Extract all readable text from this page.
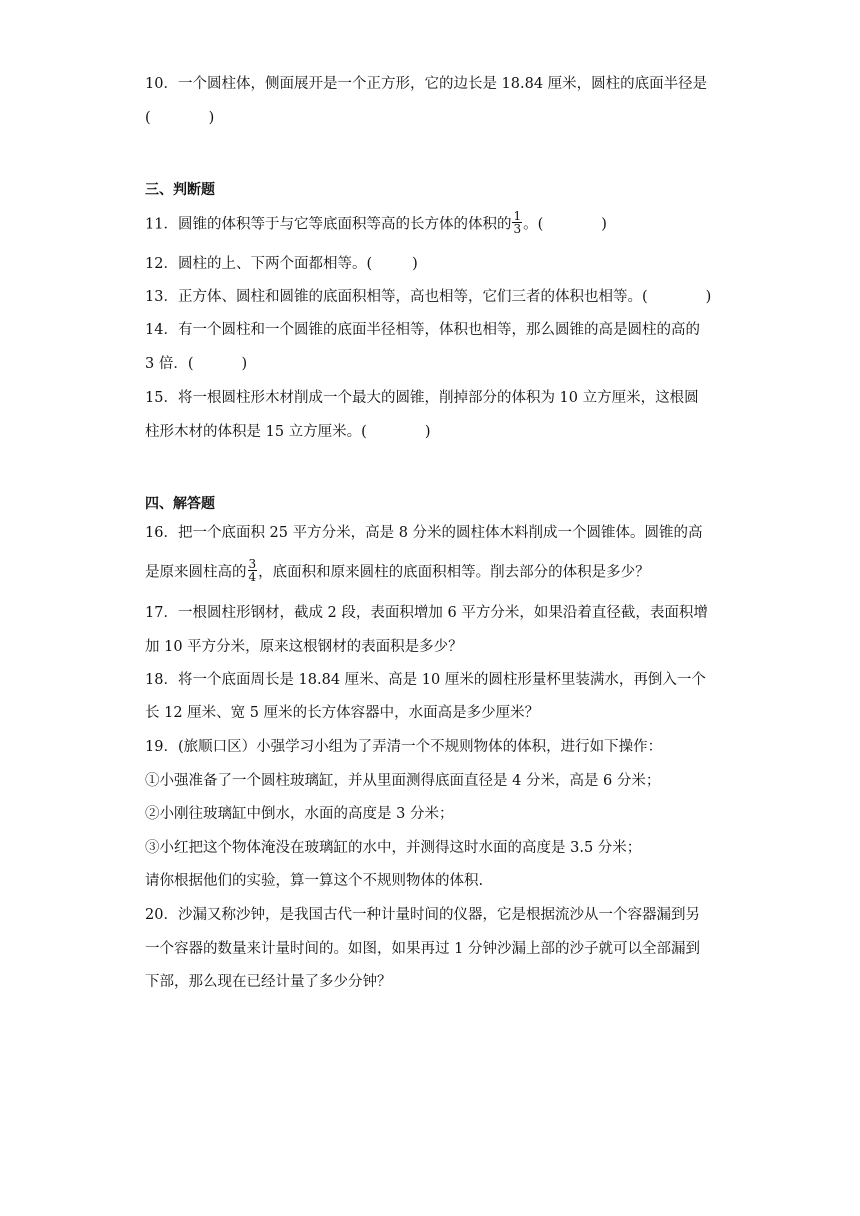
10．一个圆柱体，侧面展开是一个正方形，它的边长是 18.84 厘米，圆柱的底面半径是
(	)
三、判断题
11．圆锥的体积等于与它等底面积等高的长方体的体积的 $\frac{1}{3}$ 。(	)
12．圆柱的上、下两个面都相等。(	)
13．正方体、圆柱和圆锥的底面积相等，高也相等，它们三者的体积也相等。(	)
14．有一个圆柱和一个圆锥的底面半径相等，体积也相等，那么圆锥的高是圆柱的高的
3 倍．(	)
15．将一根圆柱形木材削成一个最大的圆锥，削掉部分的体积为 10 立方厘米，这根圆
柱形木材的体积是 15 立方厘米。(	)
四、解答题
16．把一个底面积 25 平方分米，高是 8 分米的圆柱体木料削成一个圆锥体。圆锥的高
是原来圆柱高的 $\frac{3}{4}$ ，底面积和原来圆柱的底面积相等。削去部分的体积是多少？
17．一根圆柱形钢材，截成 2 段，表面积增加 6 平方分米，如果沿着直径截，表面积增
加 10 平方分米，原来这根钢材的表面积是多少？
18．将一个底面周长是 18.84 厘米、高是 10 厘米的圆柱形量杯里装满水，再倒入一个
长 12 厘米、宽 5 厘米的长方体容器中，水面高是多少厘米？
19．(旅顺口区）小强学习小组为了弄清一个不规则物体的体积，进行如下操作：
①小强准备了一个圆柱玻璃缸，并从里面测得底面直径是 4 分米，高是 6 分米；
②小刚往玻璃缸中倒水，水面的高度是 3 分米；
③小红把这个物体淹没在玻璃缸的水中，并测得这时水面的高度是 3.5 分米；
请你根据他们的实验，算一算这个不规则物体的体积.
20．沙漏又称沙钟，是我国古代一种计量时间的仪器，它是根据流沙从一个容器漏到另
一个容器的数量来计量时间的。如图，如果再过 1 分钟沙漏上部的沙子就可以全部漏到
下部，那么现在已经计量了多少分钟？
